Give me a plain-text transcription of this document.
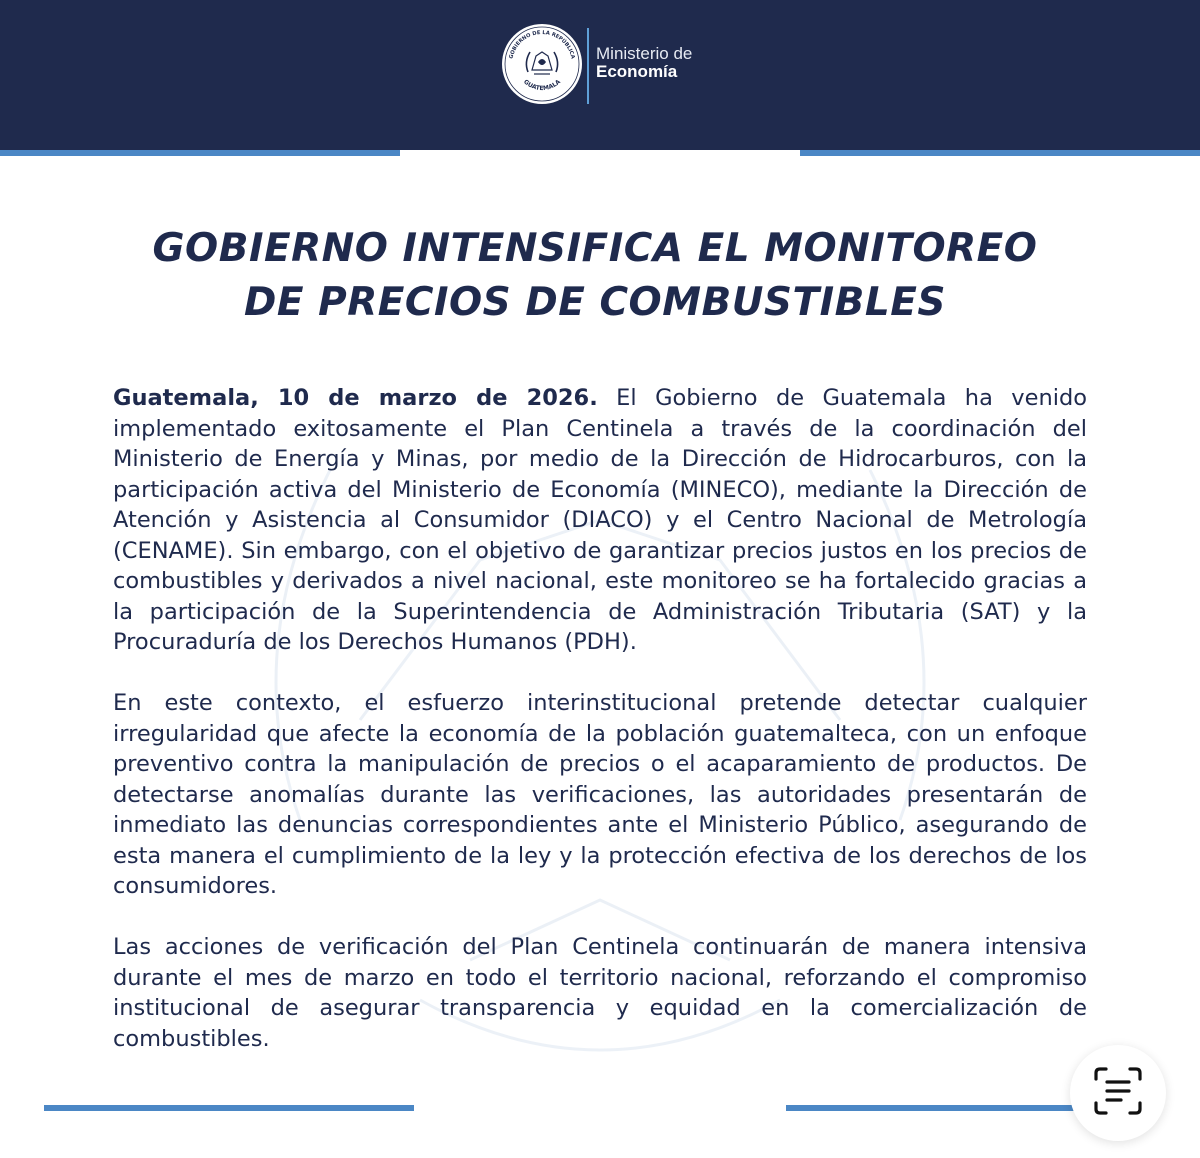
GOBIERNO DE LA REPÚBLICA
GUATEMALA
Ministerio de
Economía
GOBIERNO INTENSIFICA EL MONITOREO
DE PRECIOS DE COMBUSTIBLES

Guatemala, 10 de marzo de 2026. El Gobierno de Guatemala ha venido implementado exitosamente el Plan Centinela a través de la coordinación del Ministerio de Energía y Minas, por medio de la Dirección de Hidrocarburos, con la participación activa del Ministerio de Economía (MINECO), mediante la Dirección de Atención y Asistencia al Consumidor (DIACO) y el Centro Nacional de Metrología (CENAME). Sin embargo, con el objetivo de garantizar precios justos en los precios de combustibles y derivados a nivel nacional, este monitoreo se ha fortalecido gracias a la participación de la Superintendencia de Administración Tributaria (SAT) y la Procuraduría de los Derechos Humanos (PDH).

En este contexto, el esfuerzo interinstitucional pretende detectar cualquier irregularidad que afecte la economía de la población guatemalteca, con un enfoque preventivo contra la manipulación de precios o el acaparamiento de productos. De detectarse anomalías durante las verificaciones, las autoridades presentarán de inmediato las denuncias correspondientes ante el Ministerio Público, asegurando de esta manera el cumplimiento de la ley y la protección efectiva de los derechos de los consumidores.

Las acciones de verificación del Plan Centinela continuarán de manera intensiva durante el mes de marzo en todo el territorio nacional, reforzando el compromiso institucional de asegurar transparencia y equidad en la comercialización de combustibles.
